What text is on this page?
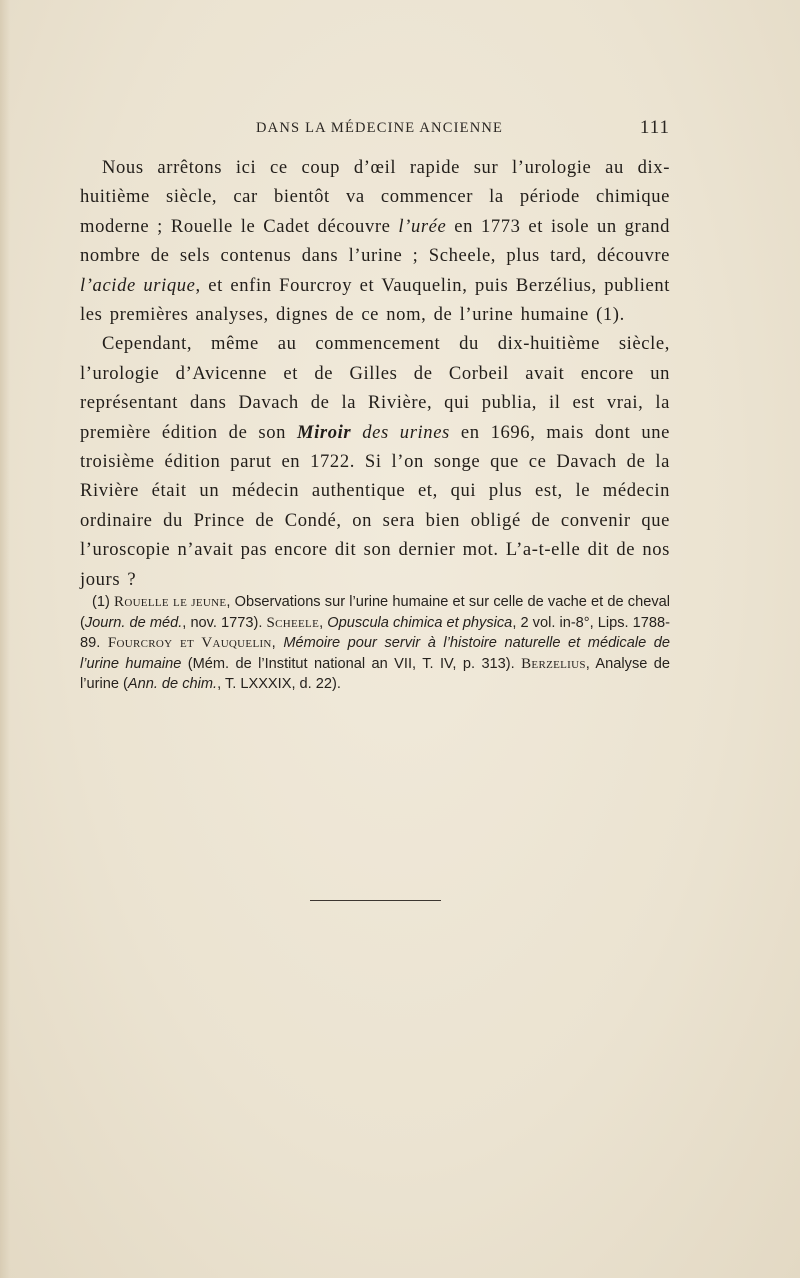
DANS LA MÉDECINE ANCIENNE	111

Nous arrêtons ici ce coup d’œil rapide sur l’urologie au dix-huitième siècle, car bientôt va commencer la période chimique moderne ; Rouelle le Cadet découvre l’urée en 1773 et isole un grand nombre de sels contenus dans l’urine ; Scheele, plus tard, découvre l’acide urique, et enfin Fourcroy et Vauquelin, puis Berzélius, publient les premières analyses, dignes de ce nom, de l’urine humaine (1).

Cependant, même au commencement du dix-huitième siècle, l’urologie d’Avicenne et de Gilles de Corbeil avait encore un représentant dans Davach de la Rivière, qui publia, il est vrai, la première édition de son Miroir des urines en 1696, mais dont une troisième édition parut en 1722. Si l’on songe que ce Davach de la Rivière était un médecin authentique et, qui plus est, le médecin ordinaire du Prince de Condé, on sera bien obligé de convenir que l’uroscopie n’avait pas encore dit son dernier mot. L’a-t-elle dit de nos jours ?

(1) Rouelle le jeune, Observations sur l’urine humaine et sur celle de vache et de cheval (Journ. de méd., nov. 1773). Scheele, Opuscula chimica et physica, 2 vol. in-8°, Lips. 1788-89. Fourcroy et Vauquelin, Mémoire pour servir à l’histoire naturelle et médicale de l’urine humaine (Mém. de l’Institut national an VII, T. IV, p. 313). Berzelius, Analyse de l’urine (Ann. de chim., T. LXXXIX, d. 22).
